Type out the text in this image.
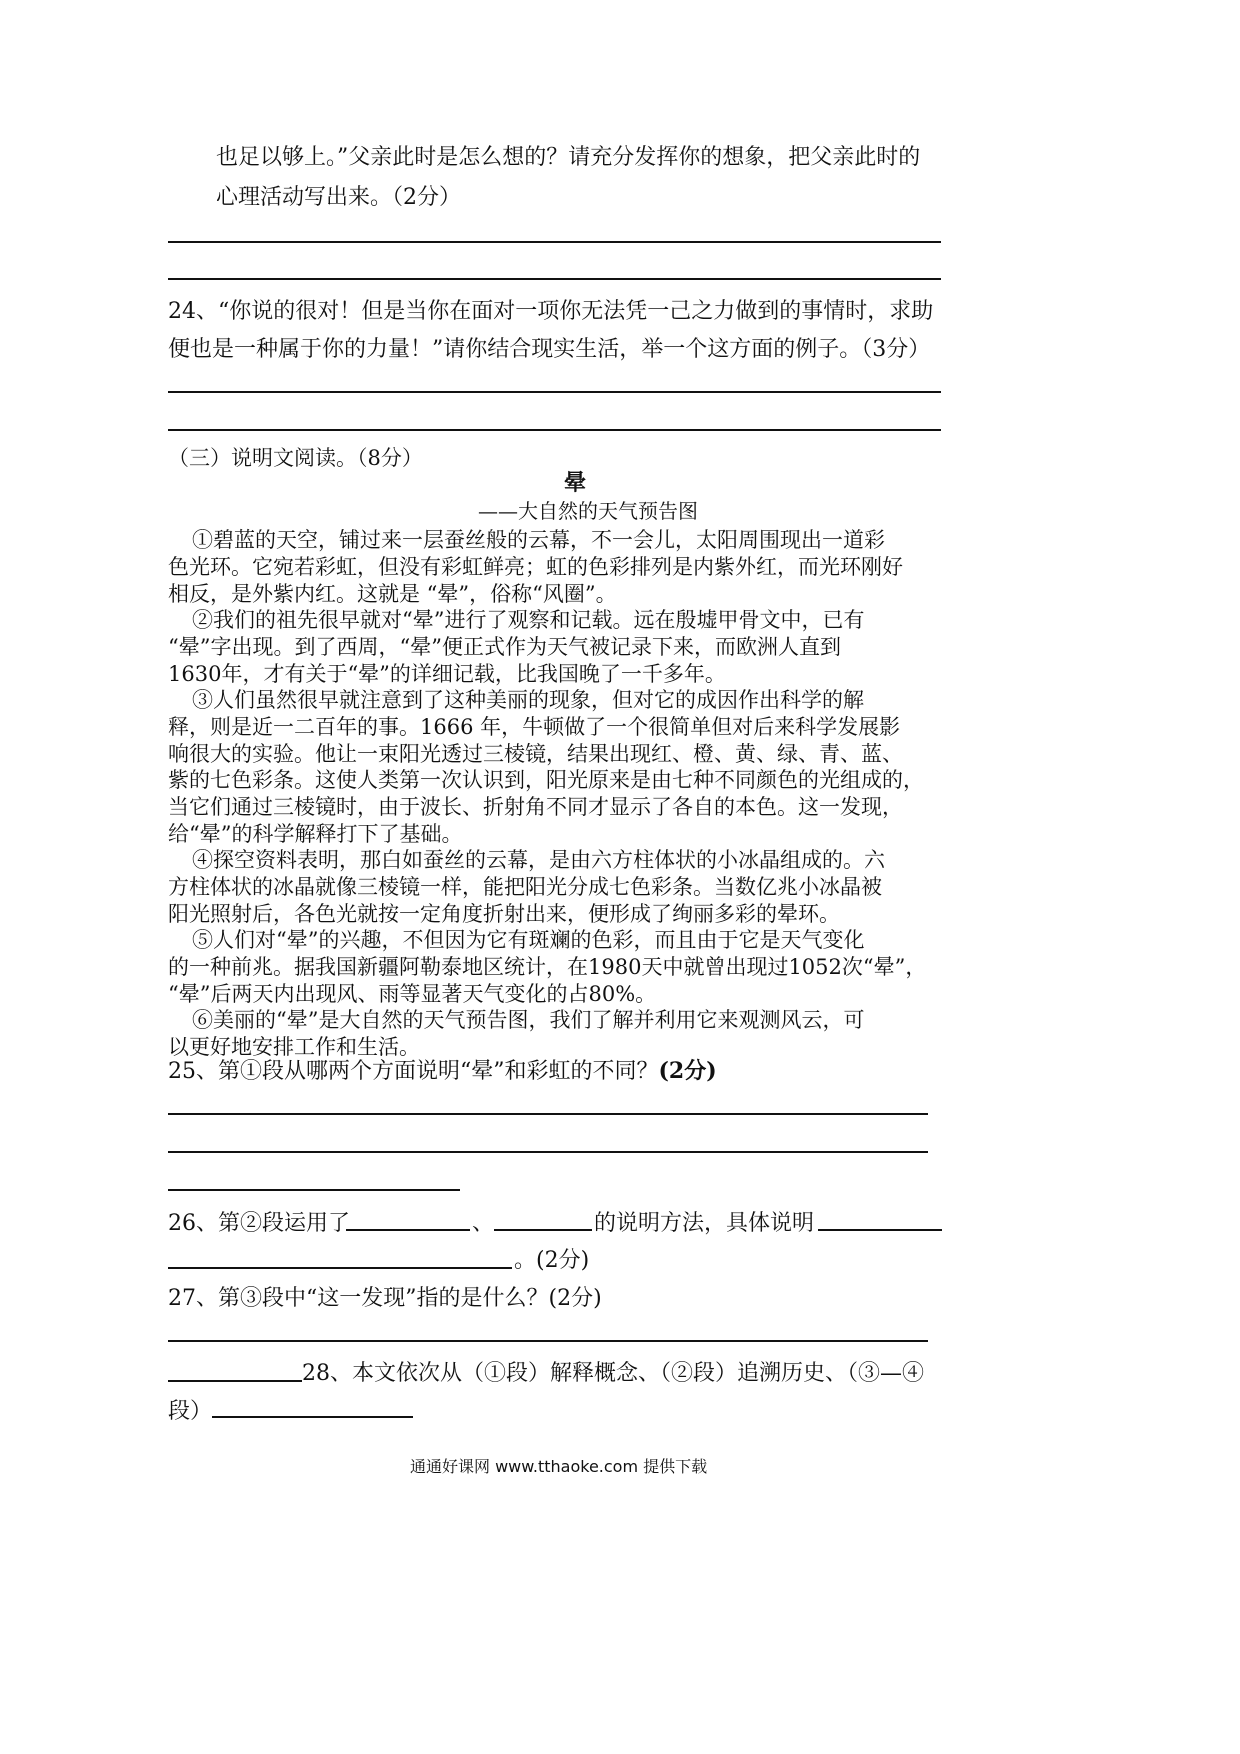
也足以够上。”父亲此时是怎么想的？请充分发挥你的想象，把父亲此时的
心理活动写出来。（2分）
24、“你说的很对！但是当你在面对一项你无法凭一己之力做到的事情时，求助
便也是一种属于你的力量！”请你结合现实生活，举一个这方面的例子。（3分）
（三）说明文阅读。（8分）
晕
——大自然的天气预告图
①碧蓝的天空，铺过来一层蚕丝般的云幕，不一会儿，太阳周围现出一道彩
色光环。它宛若彩虹，但没有彩虹鲜亮；虹的色彩排列是内紫外红，而光环刚好
相反，是外紫内红。这就是 “晕”，俗称“风圈”。
②我们的祖先很早就对“晕”进行了观察和记载。远在殷墟甲骨文中，已有
“晕”字出现。到了西周，“晕”便正式作为天气被记录下来，而欧洲人直到
1630年，才有关于“晕”的详细记载，比我国晚了一千多年。
③人们虽然很早就注意到了这种美丽的现象，但对它的成因作出科学的解
释，则是近一二百年的事。1666 年，牛顿做了一个很简单但对后来科学发展影
响很大的实验。他让一束阳光透过三棱镜，结果出现红、橙、黄、绿、青、蓝、
紫的七色彩条。这使人类第一次认识到，阳光原来是由七种不同颜色的光组成的，
当它们通过三棱镜时，由于波长、折射角不同才显示了各自的本色。这一发现，
给“晕”的科学解释打下了基础。
④探空资料表明，那白如蚕丝的云幕，是由六方柱体状的小冰晶组成的。六
方柱体状的冰晶就像三棱镜一样，能把阳光分成七色彩条。当数亿兆小冰晶被
阳光照射后，各色光就按一定角度折射出来，便形成了绚丽多彩的晕环。
⑤人们对“晕”的兴趣，不但因为它有斑斓的色彩，而且由于它是天气变化
的一种前兆。据我国新疆阿勒泰地区统计，在1980天中就曾出现过1052次“晕”，
“晕”后两天内出现风、雨等显著天气变化的占80%。
⑥美丽的“晕”是大自然的天气预告图，我们了解并利用它来观测风云，可
以更好地安排工作和生活。
25、第①段从哪两个方面说明“晕”和彩虹的不同？(2分)
26、第②段运用了	、	的说明方法，具体说明
。(2分)
27、第③段中“这一发现”指的是什么？(2分)
28、本文依次从（①段）解释概念、（②段）追溯历史、（③—④
段）
通通好课网 www.tthaoke.com 提供下载
